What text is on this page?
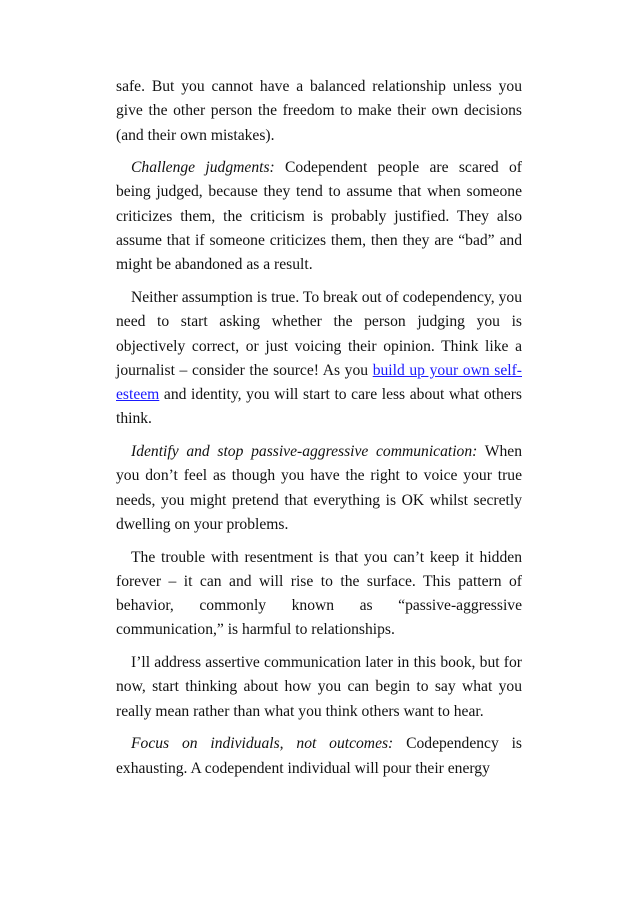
safe. But you cannot have a balanced relationship unless you give the other person the freedom to make their own decisions (and their own mistakes).

Challenge judgments: Codependent people are scared of being judged, because they tend to assume that when someone criticizes them, the criticism is probably justified. They also assume that if someone criticizes them, then they are “bad” and might be abandoned as a result.

Neither assumption is true. To break out of codependency, you need to start asking whether the person judging you is objectively correct, or just voicing their opinion. Think like a journalist – consider the source! As you build up your own self-esteem and identity, you will start to care less about what others think.

Identify and stop passive-aggressive communication: When you don’t feel as though you have the right to voice your true needs, you might pretend that everything is OK whilst secretly dwelling on your problems.

The trouble with resentment is that you can’t keep it hidden forever – it can and will rise to the surface. This pattern of behavior, commonly known as “passive-aggressive communication,” is harmful to relationships.

I’ll address assertive communication later in this book, but for now, start thinking about how you can begin to say what you really mean rather than what you think others want to hear.

Focus on individuals, not outcomes: Codependency is exhausting. A codependent individual will pour their energy
